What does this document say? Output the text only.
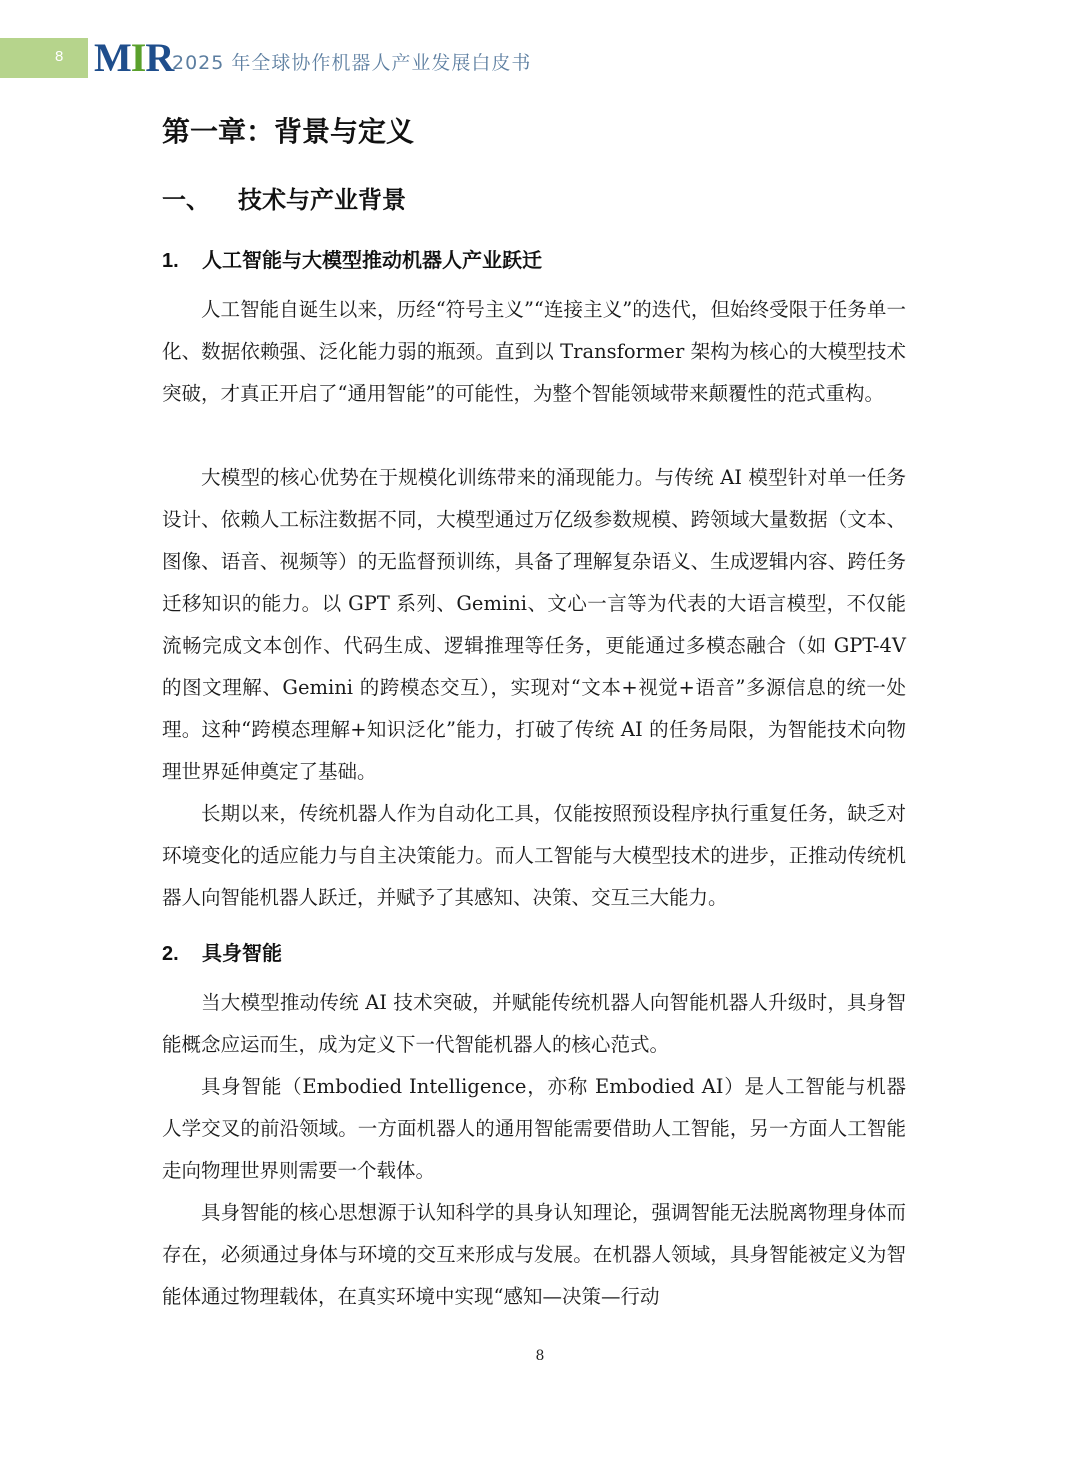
8 MIR
2025 年全球协作机器人产业发展白皮书
第一章：背景与定义
一、 技术与产业背景
1. 人工智能与大模型推动机器人产业跃迁

人工智能自诞生以来，历经“符号主义”“连接主义”的迭代，但始终受限于任务单一化、数据依赖强、泛化能力弱的瓶颈。直到以 Transformer 架构为核心的大模型技术突破，才真正开启了“通用智能”的可能性，为整个智能领域带来颠覆性的范式重构。

大模型的核心优势在于规模化训练带来的涌现能力。与传统 AI 模型针对单一任务设计、依赖人工标注数据不同，大模型通过万亿级参数规模、跨领域大量数据（文本、图像、语音、视频等）的无监督预训练，具备了理解复杂语义、生成逻辑内容、跨任务迁移知识的能力。以 GPT 系列、Gemini、文心一言等为代表的大语言模型，不仅能流畅完成文本创作、代码生成、逻辑推理等任务，更能通过多模态融合（如 GPT-4V 的图文理解、Gemini 的跨模态交互），实现对“文本+视觉+语音”多源信息的统一处理。这种“跨模态理解+知识泛化”能力，打破了传统 AI 的任务局限，为智能技术向物理世界延伸奠定了基础。

长期以来，传统机器人作为自动化工具，仅能按照预设程序执行重复任务，缺乏对环境变化的适应能力与自主决策能力。而人工智能与大模型技术的进步，正推动传统机器人向智能机器人跃迁，并赋予了其感知、决策、交互三大能力。

2. 具身智能

当大模型推动传统 AI 技术突破，并赋能传统机器人向智能机器人升级时，具身智能概念应运而生，成为定义下一代智能机器人的核心范式。

具身智能（Embodied Intelligence，亦称 Embodied AI）是人工智能与机器人学交叉的前沿领域。一方面机器人的通用智能需要借助人工智能，另一方面人工智能走向物理世界则需要一个载体。

具身智能的核心思想源于认知科学的具身认知理论，强调智能无法脱离物理身体而存在，必须通过身体与环境的交互来形成与发展。在机器人领域，具身智能被定义为智能体通过物理载体，在真实环境中实现“感知—决策—行动

8
